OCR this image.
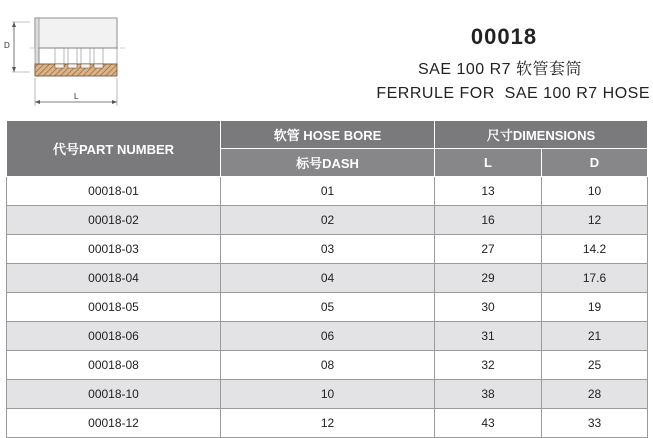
D
L
00018
SAE 100 R7 软管套筒
FERRULE FOR  SAE 100 R7 HOSE
代号PART NUMBER	软管 HOSE BORE	尺寸DIMENSIONS	
	标号DASH	L	D
00018-01	01	13	10
00018-02	02	16	12
00018-03	03	27	14.2
00018-04	04	29	17.6
00018-05	05	30	19
00018-06	06	31	21
00018-08	08	32	25
00018-10	10	38	28
00018-12	12	43	33
